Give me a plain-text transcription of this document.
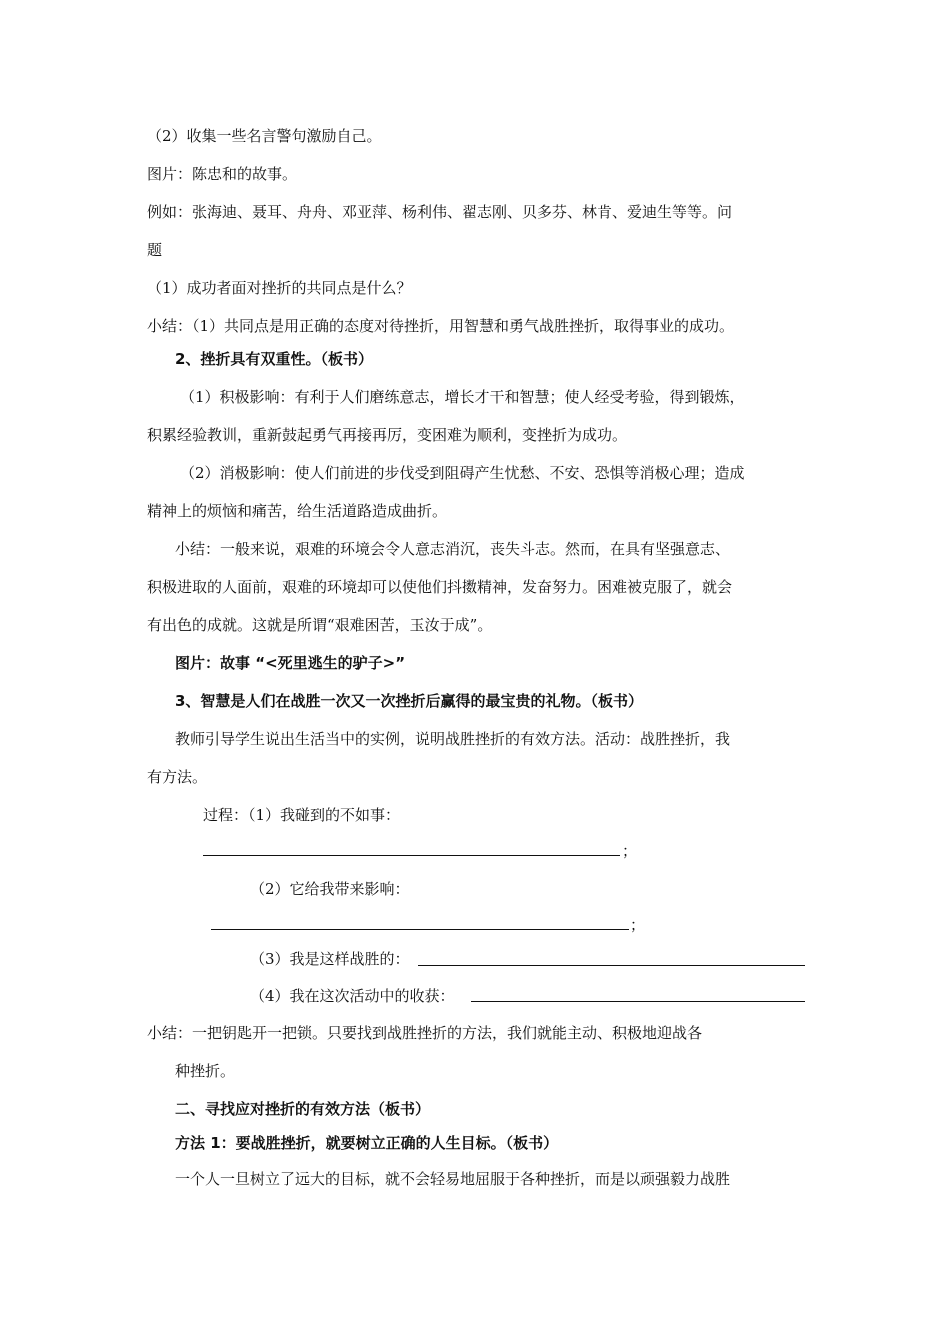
（2）收集一些名言警句激励自己。
图片：陈忠和的故事。
例如：张海迪、聂耳、舟舟、邓亚萍、杨利伟、翟志刚、贝多芬、林肯、爱迪生等等。问
题
（1）成功者面对挫折的共同点是什么？
小结：（1）共同点是用正确的态度对待挫折，用智慧和勇气战胜挫折，取得事业的成功。
2、挫折具有双重性。（板书）
（1）积极影响：有利于人们磨练意志，增长才干和智慧；使人经受考验，得到锻炼，
积累经验教训，重新鼓起勇气再接再厉，变困难为顺利，变挫折为成功。
（2）消极影响：使人们前进的步伐受到阻碍产生忧愁、不安、恐惧等消极心理；造成
精神上的烦恼和痛苦，给生活道路造成曲折。
小结：一般来说，艰难的环境会令人意志消沉，丧失斗志。然而，在具有坚强意志、
积极进取的人面前，艰难的环境却可以使他们抖擞精神，发奋努力。困难被克服了，就会
有出色的成就。这就是所谓“艰难困苦，玉汝于成”。
图片：故事 “<死里逃生的驴子>”
3、智慧是人们在战胜一次又一次挫折后赢得的最宝贵的礼物。（板书）
教师引导学生说出生活当中的实例，说明战胜挫折的有效方法。活动：战胜挫折，我
有方法。
过程：（1）我碰到的不如事：
；
（2）它给我带来影响：
；
（3）我是这样战胜的：
（4）我在这次活动中的收获：
小结：一把钥匙开一把锁。只要找到战胜挫折的方法，我们就能主动、积极地迎战各
种挫折。
二、寻找应对挫折的有效方法（板书）
方法 1：要战胜挫折，就要树立正确的人生目标。（板书）
一个人一旦树立了远大的目标，就不会轻易地屈服于各种挫折，而是以顽强毅力战胜
